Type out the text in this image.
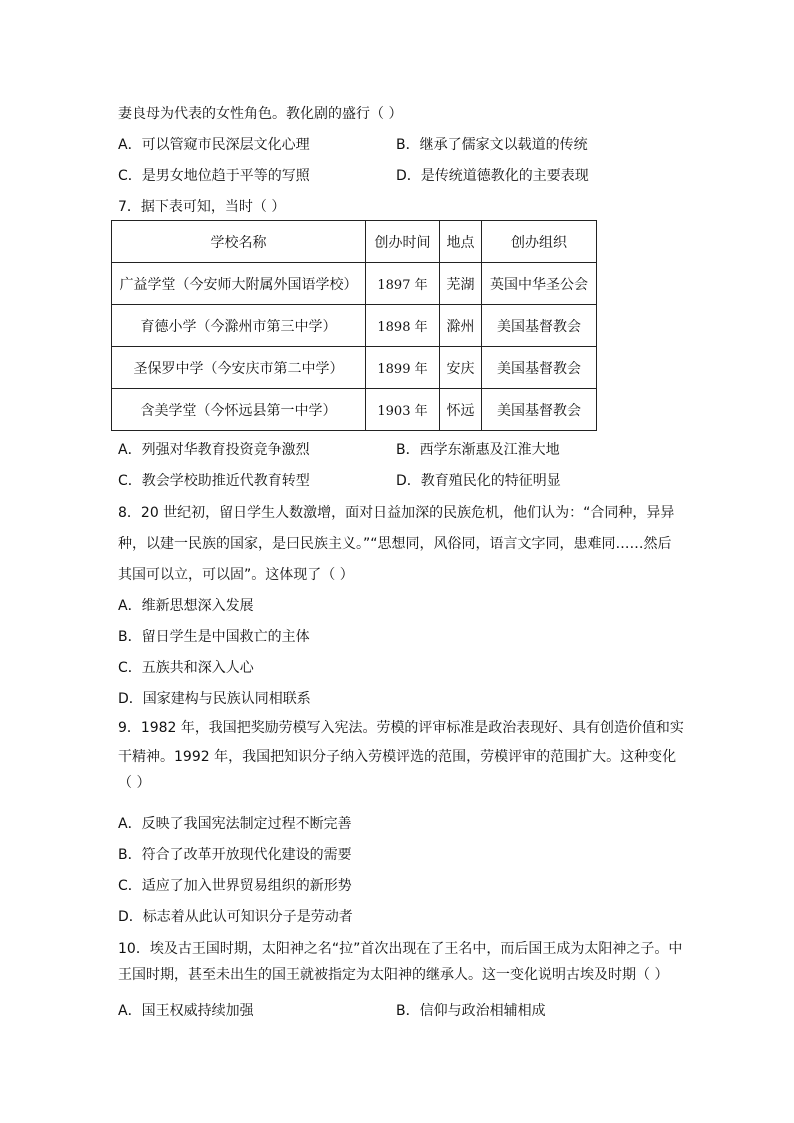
妻良母为代表的女性角色。教化剧的盛行（ ）
A．可以管窥市民深层文化心理	B．继承了儒家文以载道的传统
C．是男女地位趋于平等的写照	D．是传统道德教化的主要表现
7．据下表可知，当时（ ）
学校名称	创办时间	地点	创办组织
广益学堂（今安师大附属外国语学校）	1897 年	芜湖	英国中华圣公会
育德小学（今滁州市第三中学）	1898 年	滁州	美国基督教会
圣保罗中学（今安庆市第二中学）	1899 年	安庆	美国基督教会
含美学堂（今怀远县第一中学）	1903 年	怀远	美国基督教会
A．列强对华教育投资竞争激烈	B．西学东渐惠及江淮大地
C．教会学校助推近代教育转型	D．教育殖民化的特征明显
8．20 世纪初，留日学生人数激增，面对日益加深的民族危机，他们认为：“合同种，异异
种，以建一民族的国家，是曰民族主义。”“思想同，风俗同，语言文字同，患难同……然后
其国可以立，可以固”。这体现了（ ）
A．维新思想深入发展
B．留日学生是中国救亡的主体
C．五族共和深入人心
D．国家建构与民族认同相联系
9．1982 年，我国把奖励劳模写入宪法。劳模的评审标准是政治表现好、具有创造价值和实
干精神。1992 年，我国把知识分子纳入劳模评选的范围，劳模评审的范围扩大。这种变化
（ ）
A．反映了我国宪法制定过程不断完善
B．符合了改革开放现代化建设的需要
C．适应了加入世界贸易组织的新形势
D．标志着从此认可知识分子是劳动者
10．埃及古王国时期，太阳神之名“拉”首次出现在了王名中，而后国王成为太阳神之子。中
王国时期，甚至未出生的国王就被指定为太阳神的继承人。这一变化说明古埃及时期（ ）
A．国王权威持续加强	B．信仰与政治相辅相成
